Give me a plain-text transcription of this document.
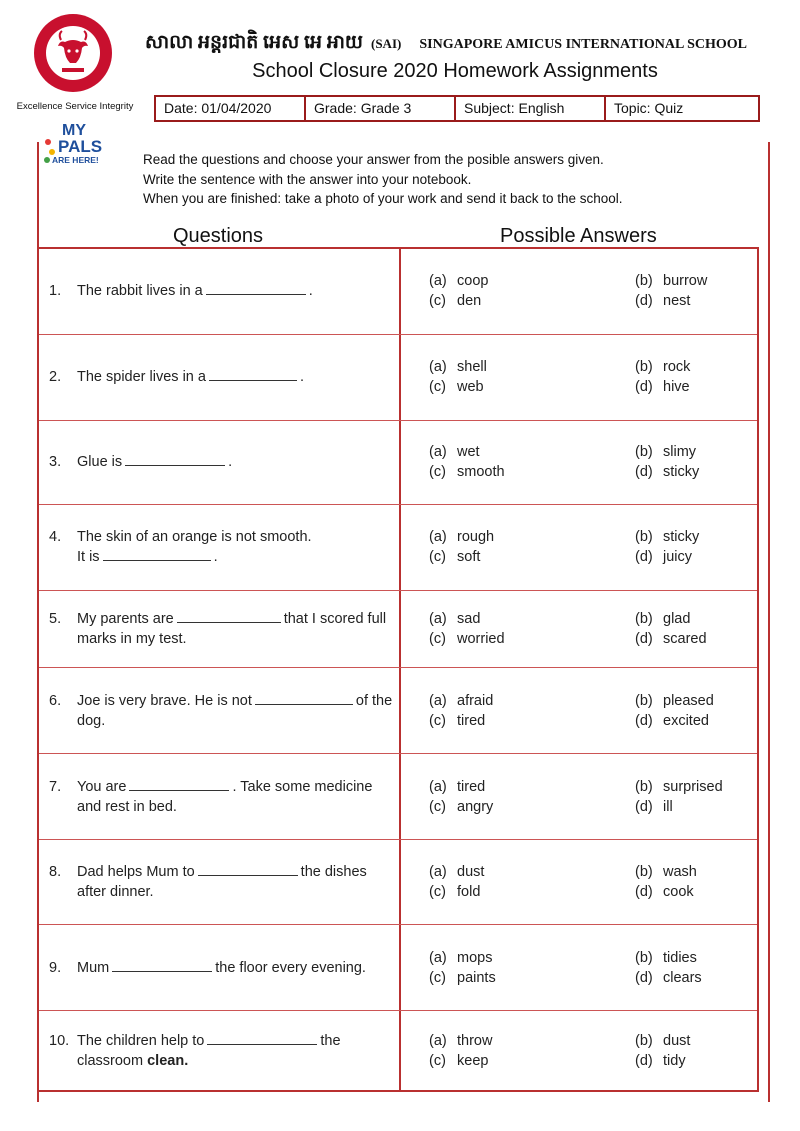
Excellence Service Integrity
MY
PALS
ARE HERE!
សាលា អន្តរជាតិ អេស អេ អាយ (SAI) SINGAPORE AMICUS INTERNATIONAL SCHOOL
School Closure 2020 Homework Assignments
Date: 01/04/2020	Grade: Grade 3	Subject: English	Topic: Quiz
Read the questions and choose your answer from the posible answers given.
Write the sentence with the answer into your notebook.
When you are finished: take a photo of your work and send it back to the school.
Questions	Possible Answers
1.	The rabbit lives in a	.
(a) coop	(b) burrow
(c) den	(d) nest
2.	The spider lives in a	.
(a) shell	(b) rock
(c) web	(d) hive
3.	Glue is	.
(a) wet	(b) slimy
(c) smooth	(d) sticky
4.	The skin of an orange is not smooth.
It is	.
(a) rough	(b) sticky
(c) soft	(d) juicy
5.	My parents are	that I scored full marks in my test.
(a) sad	(b) glad
(c) worried	(d) scared
6.	Joe is very brave. He is not	of the dog.
(a) afraid	(b) pleased
(c) tired	(d) excited
7.	You are	. Take some medicine and rest in bed.
(a) tired	(b) surprised
(c) angry	(d) ill
8.	Dad helps Mum to	the dishes after dinner.
(a) dust	(b) wash
(c) fold	(d) cook
9.	Mum	the floor every evening.
(a) mops	(b) tidies
(c) paints	(d) clears
10. The children help to	the classroom clean.
(a) throw	(b) dust
(c) keep	(d) tidy
